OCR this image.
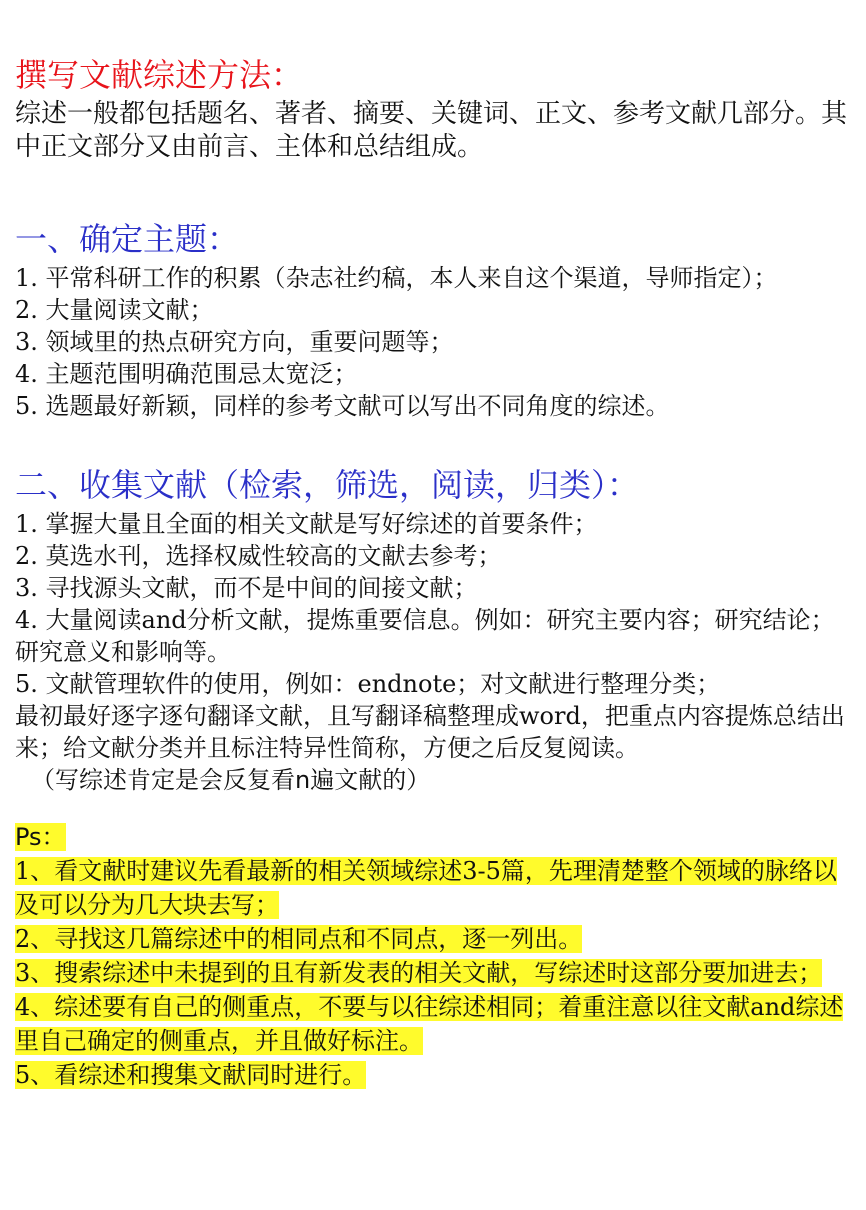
撰写文献综述方法：

综述一般都包括题名、著者、摘要、关键词、正文、参考文献几部分。其中正文部分又由前言、主体和总结组成。

一、确定主题：

1. 平常科研工作的积累（杂志社约稿，本人来自这个渠道，导师指定）；

2. 大量阅读文献；

3. 领域里的热点研究方向，重要问题等；

4. 主题范围明确范围忌太宽泛；

5. 选题最好新颖，同样的参考文献可以写出不同角度的综述。

二、收集文献（检索，筛选，阅读，归类）：

1. 掌握大量且全面的相关文献是写好综述的首要条件；

2. 莫选水刊，选择权威性较高的文献去参考；

3. 寻找源头文献，而不是中间的间接文献；

4. 大量阅读and分析文献，提炼重要信息。例如：研究主要内容；研究结论；研究意义和影响等。

5. 文献管理软件的使用，例如：endnote；对文献进行整理分类；

最初最好逐字逐句翻译文献，且写翻译稿整理成word，把重点内容提炼总结出来；给文献分类并且标注特异性简称，方便之后反复阅读。

（写综述肯定是会反复看n遍文献的）

Ps：

1、看文献时建议先看最新的相关领域综述3-5篇，先理清楚整个领域的脉络以及可以分为几大块去写；

2、寻找这几篇综述中的相同点和不同点，逐一列出。

3、搜索综述中未提到的且有新发表的相关文献，写综述时这部分要加进去；

4、综述要有自己的侧重点，不要与以往综述相同；着重注意以往文献and综述里自己确定的侧重点，并且做好标注。

5、看综述和搜集文献同时进行。
